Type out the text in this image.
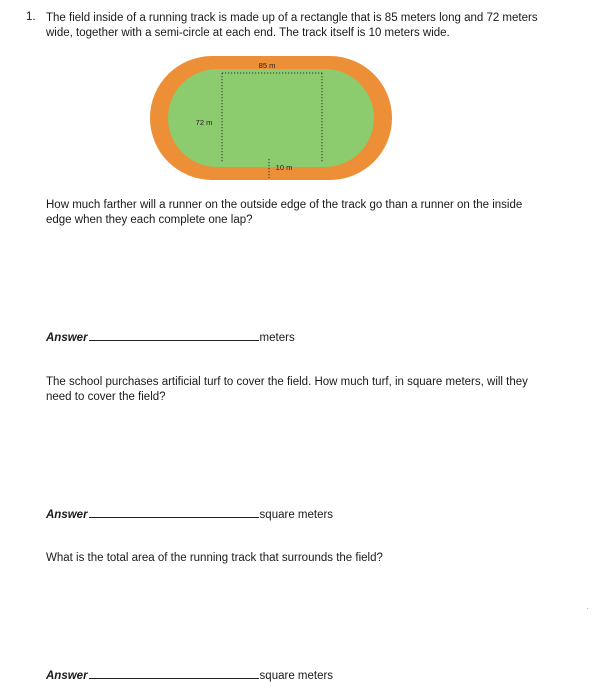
1. The field inside of a running track is made up of a rectangle that is 85 meters long and 72 meters wide, together with a semi-circle at each end. The track itself is 10 meters wide.
85 m
72 m
10 m
How much farther will a runner on the outside edge of the track go than a runner on the inside edge when they each complete one lap?
Answer	meters
The school purchases artificial turf to cover the field. How much turf, in square meters, will they need to cover the field?
Answer	square meters
What is the total area of the running track that surrounds the field?
Answer	square meters
·
